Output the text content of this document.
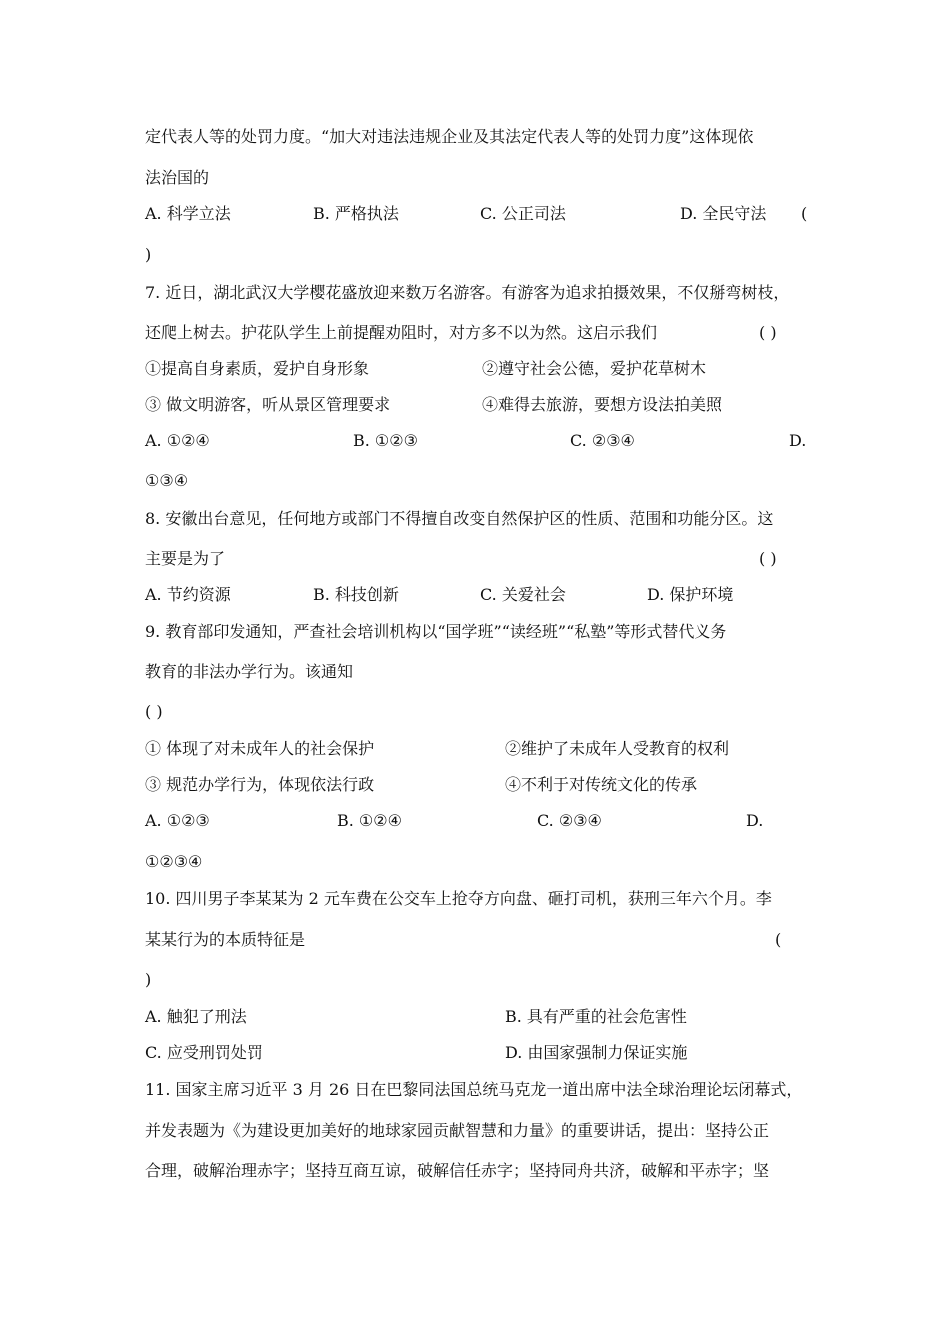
定代表人等的处罚力度。“加大对违法违规企业及其法定代表人等的处罚力度”这体现依
法治国的
A. 科学立法	B. 严格执法	C. 公正司法	D. 全民守法 (
)
7. 近日，湖北武汉大学樱花盛放迎来数万名游客。有游客为追求拍摄效果，不仅掰弯树枝，
还爬上树去。护花队学生上前提醒劝阻时，对方多不以为然。这启示我们	( )
①提高自身素质，爱护自身形象	②遵守社会公德，爱护花草树木
③ 做文明游客，听从景区管理要求	④难得去旅游，要想方设法拍美照
A. ①②④	B. ①②③	C. ②③④	D.
①③④
8. 安徽出台意见，任何地方或部门不得擅自改变自然保护区的性质、范围和功能分区。这
主要是为了	( )
A. 节约资源	B. 科技创新	C. 关爱社会	D. 保护环境
9. 教育部印发通知，严查社会培训机构以“国学班”“读经班”“私塾”等形式替代义务
教育的非法办学行为。该通知
( )
① 体现了对未成年人的社会保护	②维护了未成年人受教育的权利
③ 规范办学行为，体现依法行政	④不利于对传统文化的传承
A. ①②③	B. ①②④	C. ②③④	D.
①②③④
10. 四川男子李某某为 2 元车费在公交车上抢夺方向盘、砸打司机，获刑三年六个月。李
某某行为的本质特征是	(
)
A. 触犯了刑法	B. 具有严重的社会危害性
C. 应受刑罚处罚	D. 由国家强制力保证实施
11. 国家主席习近平 3 月 26 日在巴黎同法国总统马克龙一道出席中法全球治理论坛闭幕式，
并发表题为《为建设更加美好的地球家园贡献智慧和力量》的重要讲话，提出：坚持公正
合理，破解治理赤字；坚持互商互谅，破解信任赤字；坚持同舟共济，破解和平赤字；坚
